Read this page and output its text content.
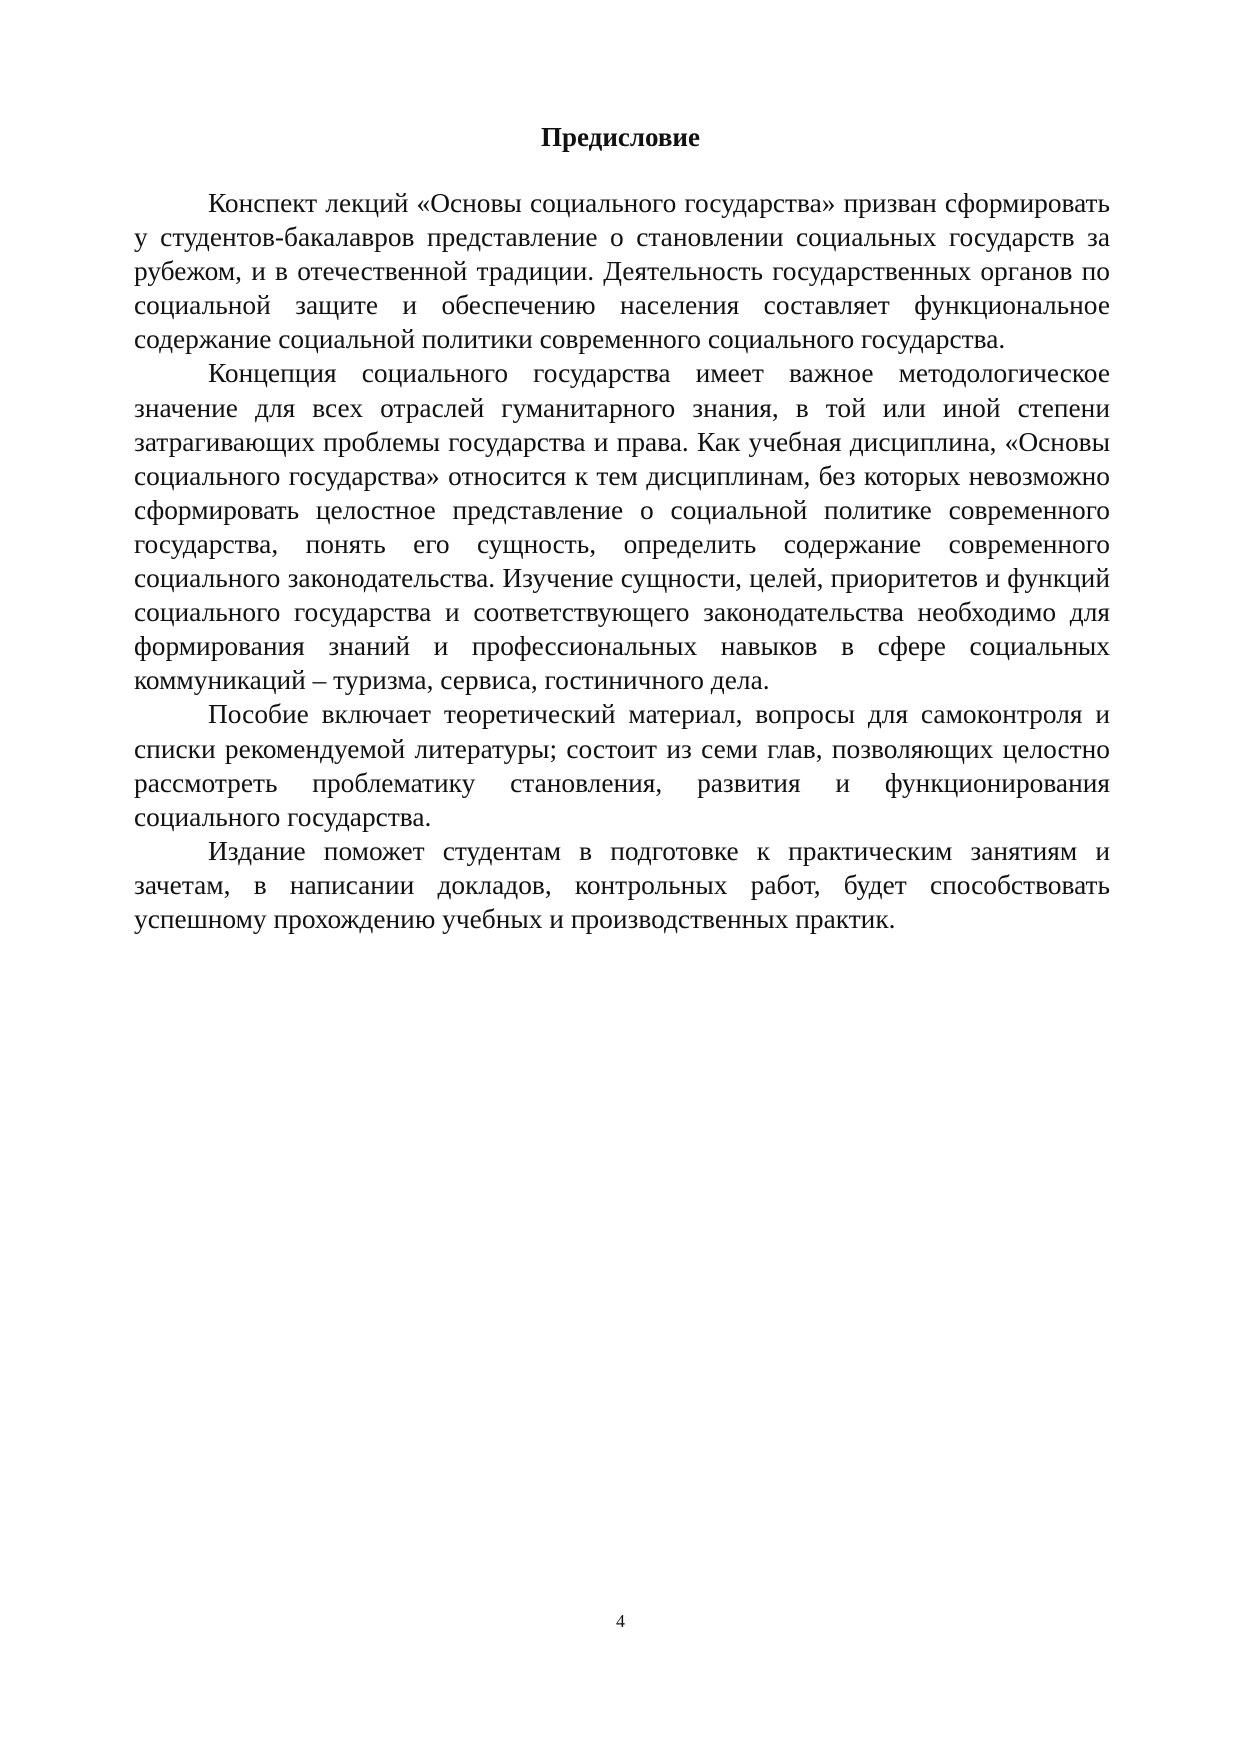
Предисловие

Конспект лекций «Основы социального государства» призван сформировать у студентов-бакалавров представление о становлении социальных государств за рубежом, и в отечественной традиции. Деятельность государственных органов по социальной защите и обеспечению населения составляет функциональное содержание социальной политики современного социального государства.

Концепция социального государства имеет важное методологическое значение для всех отраслей гуманитарного знания, в той или иной степени затрагивающих проблемы государства и права. Как учебная дисциплина, «Основы социального государства» относится к тем дисциплинам, без которых невозможно сформировать целостное представление о социальной политике современного государства, понять его сущность, определить содержание современного социального законодательства. Изучение сущности, целей, приоритетов и функций социального государства и соответствующего законодательства необходимо для формирования знаний и профессиональных навыков в сфере социальных коммуникаций – туризма, сервиса, гостиничного дела.

Пособие включает теоретический материал, вопросы для самоконтроля и списки рекомендуемой литературы; состоит из семи глав, позволяющих целостно рассмотреть проблематику становления, развития и функционирования социального государства.

Издание поможет студентам в подготовке к практическим занятиям и зачетам, в написании докладов, контрольных работ, будет способствовать успешному прохождению учебных и производственных практик.

4
